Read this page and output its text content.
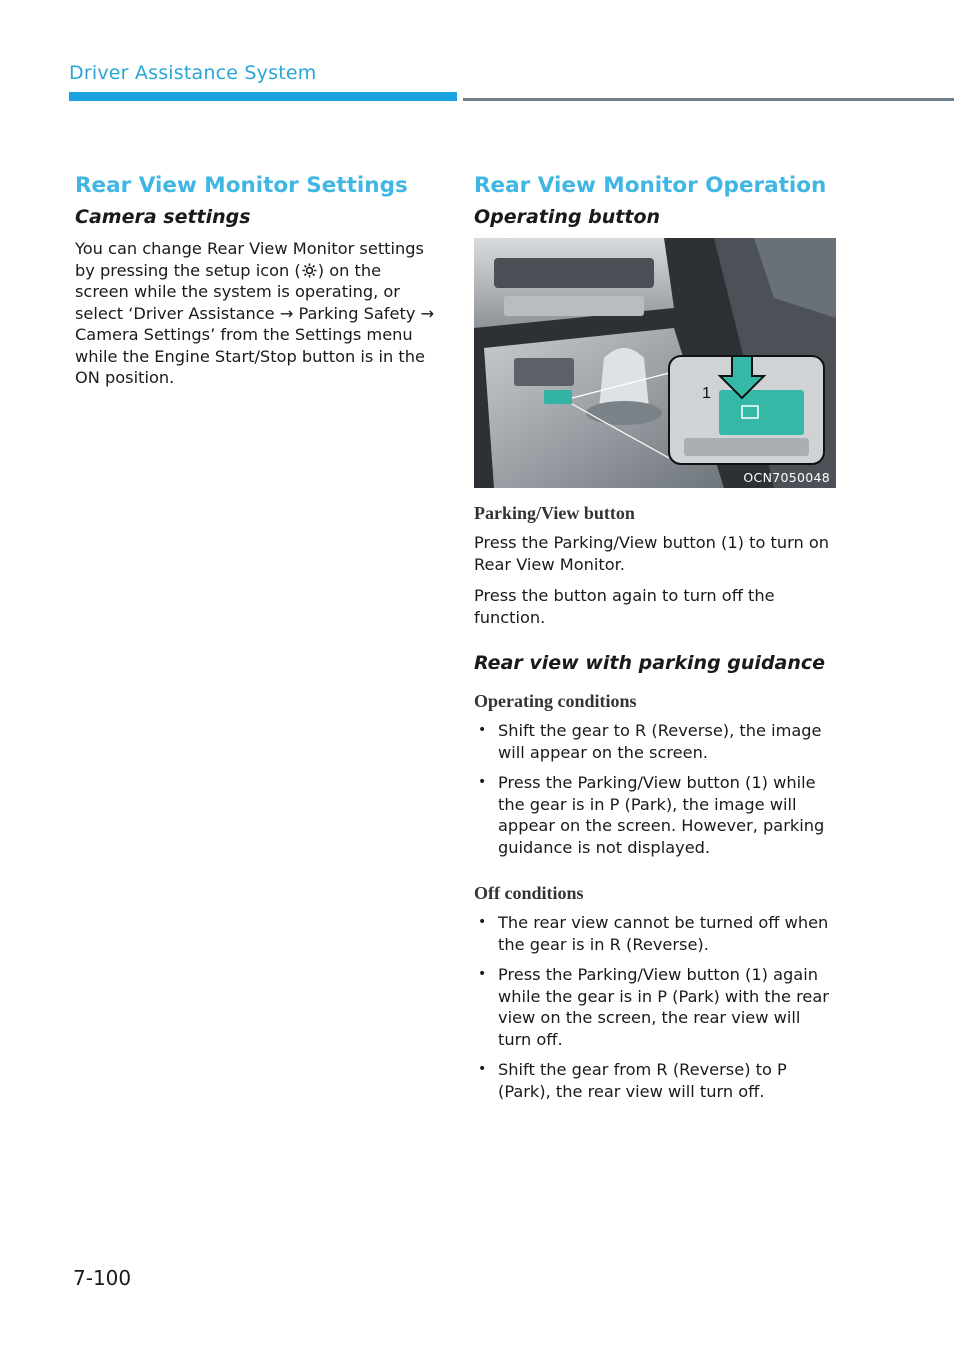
Driver Assistance System
Rear View Monitor Settings
Camera settings

You can change Rear View Monitor settings by pressing the setup icon ( ) on the screen while the system is operating, or select ‘Driver Assistance → Parking Safety → Camera Settings’ from the Settings menu while the Engine Start/Stop button is in the ON position.

Rear View Monitor Operation
Operating button
1
OCN7050048
Parking/View button

Press the Parking/View button (1) to turn on Rear View Monitor.

Press the button again to turn off the function.

Rear view with parking guidance
Operating conditions
• Shift the gear to R (Reverse), the image will appear on the screen.
• Press the Parking/View button (1) while the gear is in P (Park), the image will appear on the screen. However, parking guidance is not displayed.
Off conditions
• The rear view cannot be turned off when the gear is in R (Reverse).
• Press the Parking/View button (1) again while the gear is in P (Park) with the rear view on the screen, the rear view will turn off.
• Shift the gear from R (Reverse) to P (Park), the rear view will turn off.
7-100
